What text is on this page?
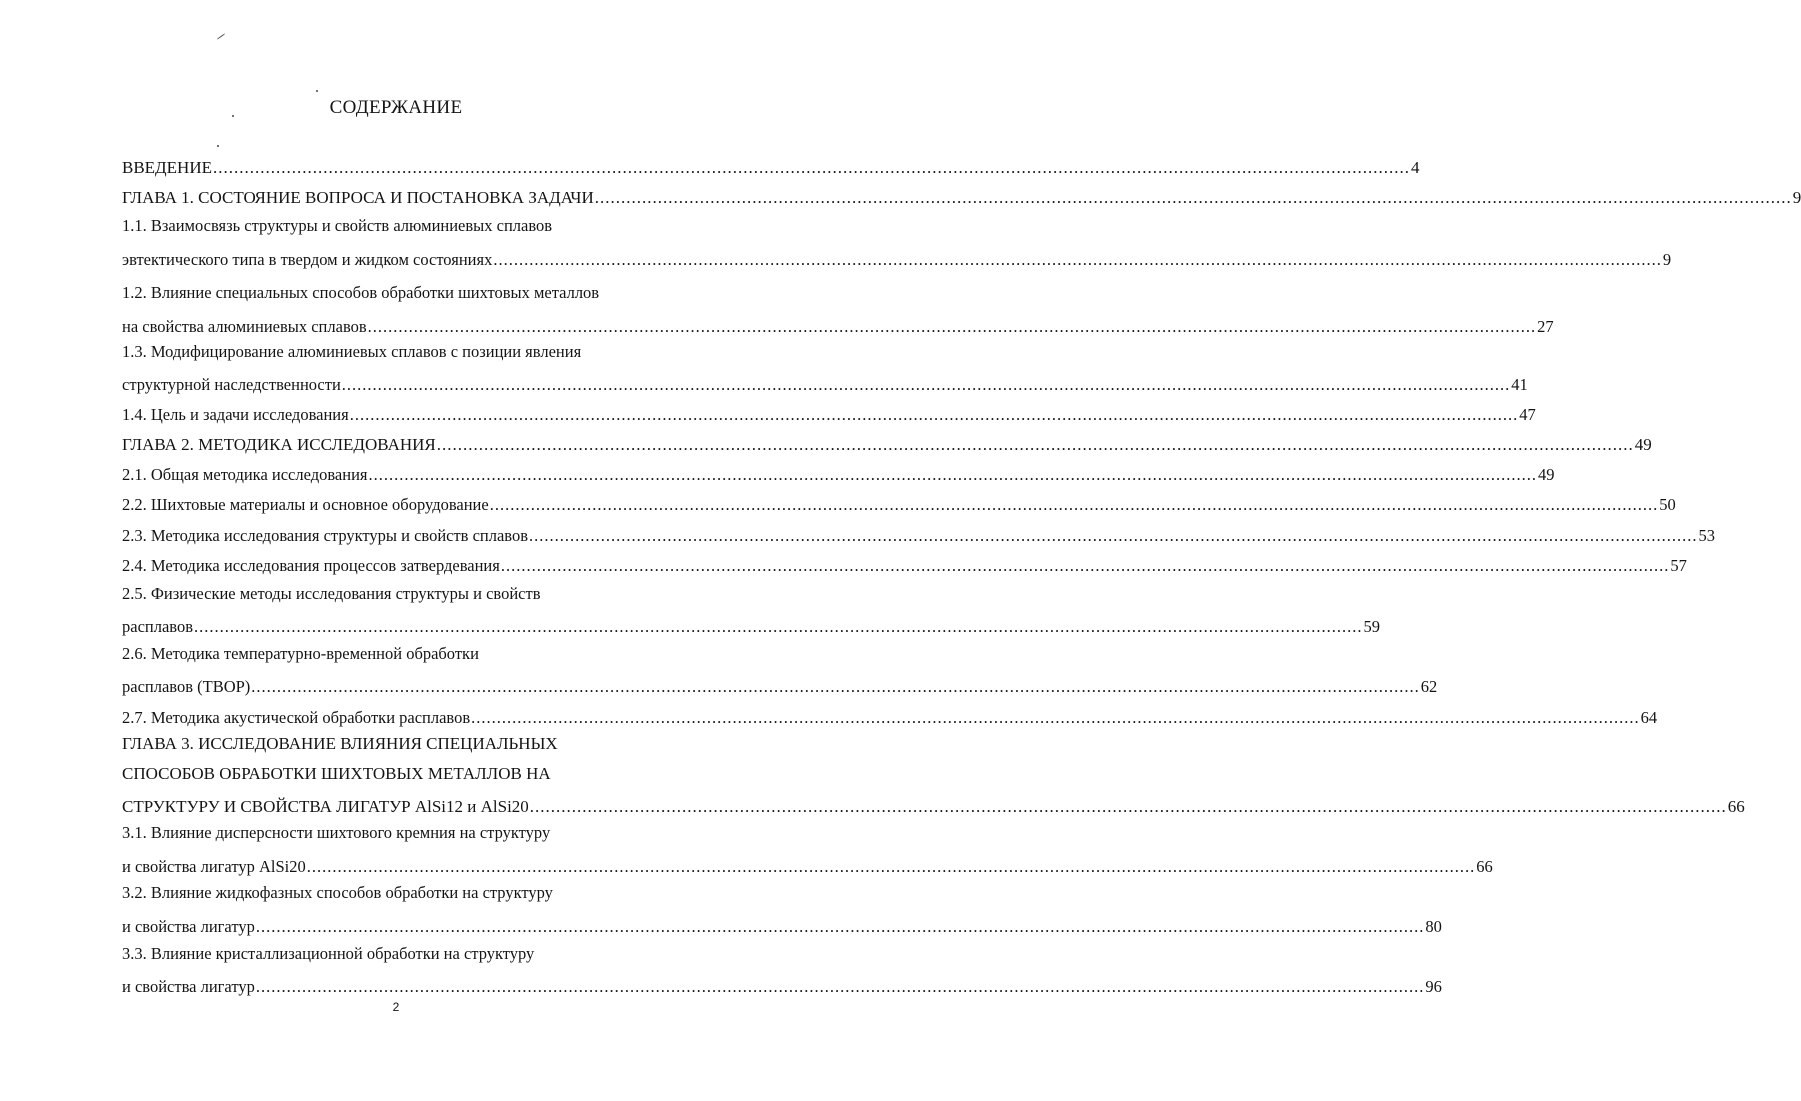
СОДЕРЖАНИЕ
ВВЕДЕНИЕ .................................................................................................................................................................................................................................... 4
ГЛАВА 1. СОСТОЯНИЕ ВОПРОСА И ПОСТАНОВКА ЗАДАЧИ .................................................................................................................................................................................................................................... 9
1.1. Взаимосвязь структуры и свойств алюминиевых сплавов
эвтектического типа в твердом и жидком состояниях .................................................................................................................................................................................................................................... 9
1.2. Влияние специальных способов обработки шихтовых металлов
на свойства алюминиевых сплавов .................................................................................................................................................................................................................................... 27
1.3. Модифицирование алюминиевых сплавов с позиции явления
структурной наследственности .................................................................................................................................................................................................................................... 41
1.4. Цель и задачи исследования .................................................................................................................................................................................................................................... 47
ГЛАВА 2. МЕТОДИКА ИССЛЕДОВАНИЯ .................................................................................................................................................................................................................................... 49
2.1. Общая методика исследования .................................................................................................................................................................................................................................... 49
2.2. Шихтовые материалы и основное оборудование .................................................................................................................................................................................................................................... 50
2.3. Методика исследования структуры и свойств сплавов .................................................................................................................................................................................................................................... 53
2.4. Методика исследования процессов затвердевания .................................................................................................................................................................................................................................... 57
2.5. Физические методы исследования структуры и свойств
расплавов .................................................................................................................................................................................................................................... 59
2.6. Методика температурно-временной обработки
расплавов (ТВОР) .................................................................................................................................................................................................................................... 62
2.7. Методика акустической обработки расплавов .................................................................................................................................................................................................................................... 64
ГЛАВА 3. ИССЛЕДОВАНИЕ ВЛИЯНИЯ СПЕЦИАЛЬНЫХ
СПОСОБОВ ОБРАБОТКИ ШИХТОВЫХ МЕТАЛЛОВ НА
СТРУКТУРУ И СВОЙСТВА ЛИГАТУР AlSi12 и AlSi20 .................................................................................................................................................................................................................................... 66
3.1. Влияние дисперсности шихтового кремния на структуру
и свойства лигатур AlSi20 .................................................................................................................................................................................................................................... 66
3.2. Влияние жидкофазных способов обработки на структуру
и свойства лигатур .................................................................................................................................................................................................................................... 80
3.3. Влияние кристаллизационной обработки на структуру
и свойства лигатур .................................................................................................................................................................................................................................... 96
2
